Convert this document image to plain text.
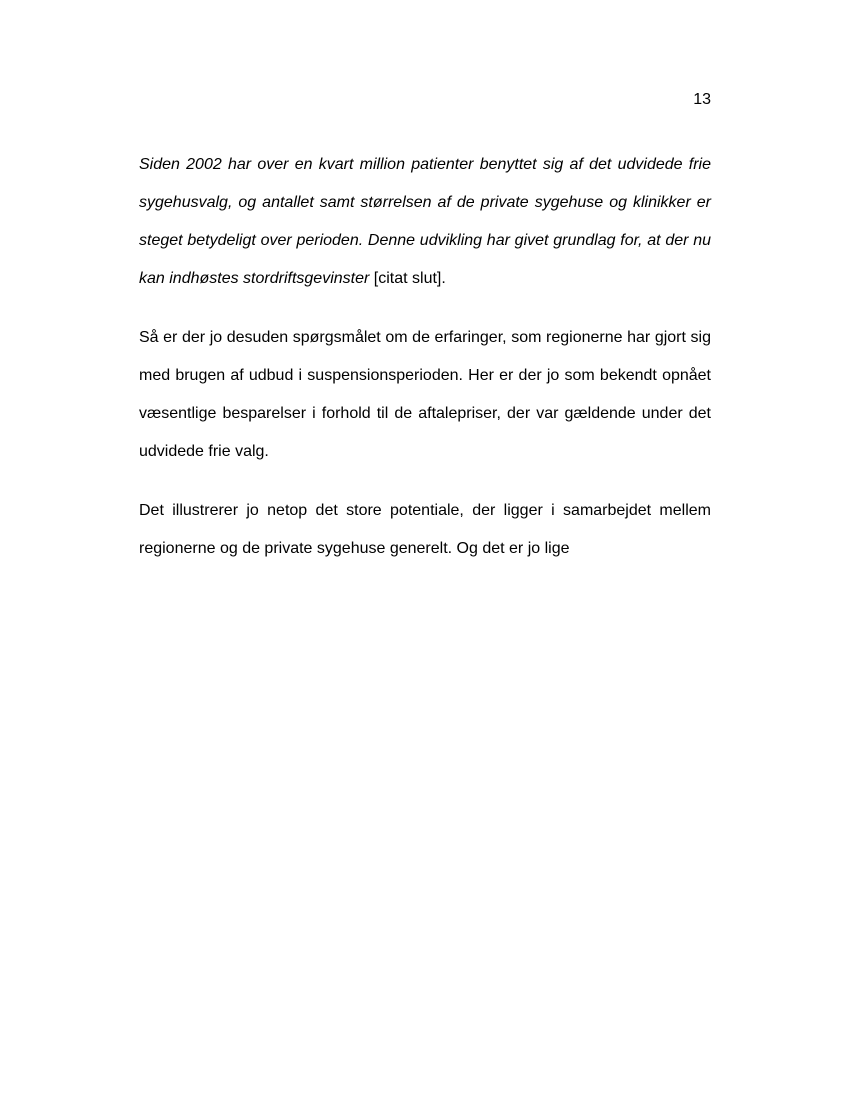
13

Siden 2002 har over en kvart million patienter benyttet sig af det udvidede frie sygehusvalg, og antallet samt størrelsen af de private sygehuse og klinikker er steget betydeligt over perioden. Denne udvikling har givet grundlag for, at der nu kan indhøstes stordriftsgevinster [citat slut].

Så er der jo desuden spørgsmålet om de erfaringer, som regionerne har gjort sig med brugen af udbud i suspensionsperioden. Her er der jo som bekendt opnået væsentlige besparelser i forhold til de aftalepriser, der var gældende under det udvidede frie valg.

Det illustrerer jo netop det store potentiale, der ligger i samarbejdet mellem regionerne og de private sygehuse generelt. Og det er jo lige
